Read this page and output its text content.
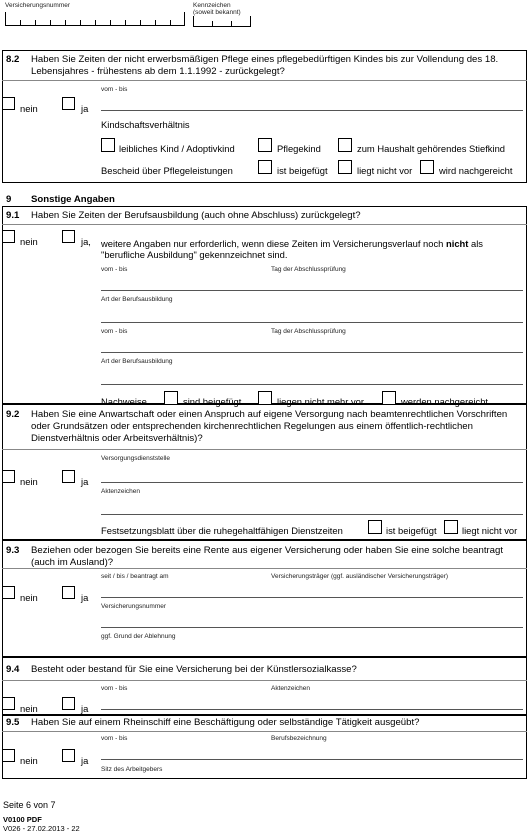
Versicherungsnummer	Kennzeichen
(soweit bekannt)
8.2 Haben Sie Zeiten der nicht erwerbsmäßigen Pflege eines pflegebedürftigen Kindes bis zur Vollendung des 18. Lebensjahres - frühestens ab dem 1.1.1992 - zurückgelegt?
nein	ja
vom - bis
Kindschaftsverhältnis
leibliches Kind / Adoptivkind	Pflegekind	zum Haushalt gehörendes Stiefkind
Bescheid über Pflegeleistungen	ist beigefügt	liegt nicht vor	wird nachgereicht
9 Sonstige Angaben
9.1 Haben Sie Zeiten der Berufsausbildung (auch ohne Abschluss) zurückgelegt?
nein	ja, weitere Angaben nur erforderlich, wenn diese Zeiten im Versicherungsverlauf noch nicht als
"berufliche Ausbildung" gekennzeichnet sind.
vom - bis	Tag der Abschlussprüfung
Art der Berufsausbildung
vom - bis	Tag der Abschlussprüfung
Art der Berufsausbildung
Nachweise	sind beigefügt	liegen nicht mehr vor	werden nachgereicht
9.2 Haben Sie eine Anwartschaft oder einen Anspruch auf eigene Versorgung nach beamtenrechtlichen Vorschriften oder Grundsätzen oder entsprechenden kirchenrechtlichen Regelungen aus einem öffentlich-rechtlichen Dienstverhältnis oder Arbeitsverhältnis)?
Versorgungsdienststelle
nein	ja
Aktenzeichen
Festsetzungsblatt über die ruhegehaltfähigen Dienstzeiten	ist beigefügt	liegt nicht vor
9.3 Beziehen oder bezogen Sie bereits eine Rente aus eigener Versicherung oder haben Sie eine solche beantragt (auch im Ausland)?
seit / bis / beantragt am	Versicherungsträger (ggf. ausländischer Versicherungsträger)
nein	ja
Versicherungsnummer
ggf. Grund der Ablehnung
9.4 Besteht oder bestand für Sie eine Versicherung bei der Künstlersozialkasse?
vom - bis	Aktenzeichen
nein	ja
9.5 Haben Sie auf einem Rheinschiff eine Beschäftigung oder selbständige Tätigkeit ausgeübt?
vom - bis	Berufsbezeichnung
nein	ja
Sitz des Arbeitgebers
Seite 6 von 7
V0100 PDF
V026 - 27.02.2013 - 22
